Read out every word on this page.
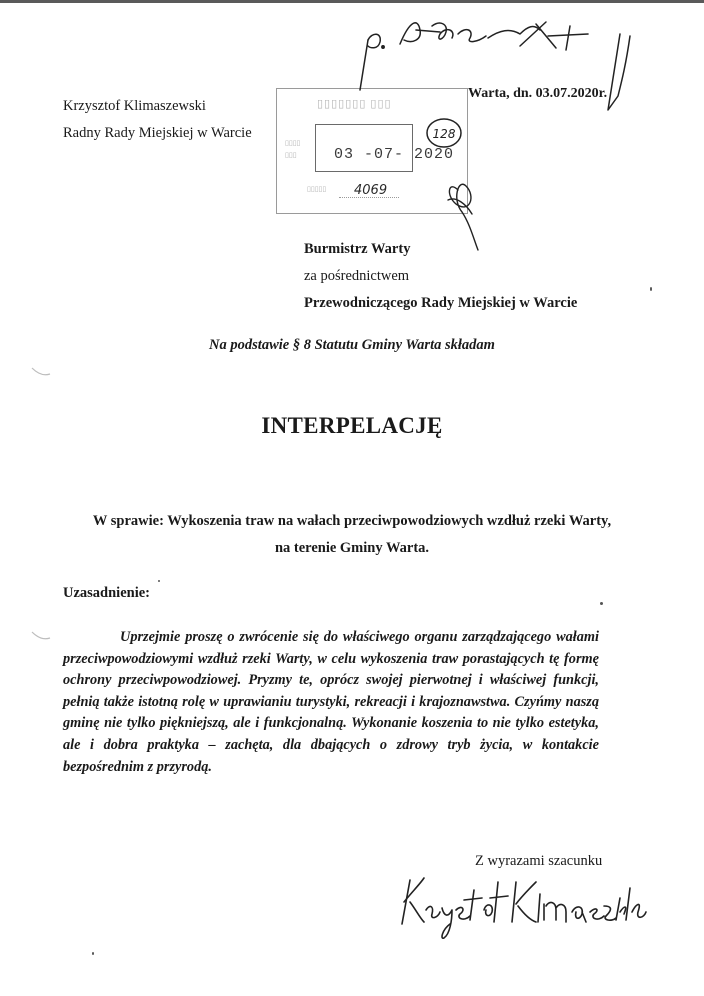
Krzysztof Klimaszewski
Radny Rady Miejskiej w Warcie
▯▯▯▯▯▯▯ ▯▯▯
▯▯▯▯
▯▯▯
▯▯▯▯▯
03 -07- 2020
4069
Warta, dn. 03.07.2020r.
Burmistrz Warty
za pośrednictwem
Przewodniczącego Rady Miejskiej w Warcie
Na podstawie § 8 Statutu Gminy Warta składam
INTERPELACJĘ
W sprawie: Wykoszenia traw na wałach przeciwpowodziowych wzdłuż rzeki Warty,
na terenie Gminy Warta.
Uzasadnienie:
Uprzejmie proszę o zwrócenie się do właściwego organu zarządzającego wałami przeciwpowodziowymi wzdłuż rzeki Warty, w celu wykoszenia traw porastających tę formę ochrony przeciwpowodziowej. Pryzmy te, oprócz swojej pierwotnej i właściwej funkcji, pełnią także istotną rolę w uprawianiu turystyki, rekreacji i krajoznawstwa. Czyńmy naszą gminę nie tylko piękniejszą, ale i funkcjonalną. Wykonanie koszenia to nie tylko estetyka, ale i dobra praktyka – zachęta, dla dbających o zdrowy tryb życia, w kontakcie bezpośrednim z przyrodą.
Z wyrazami szacunku
128
